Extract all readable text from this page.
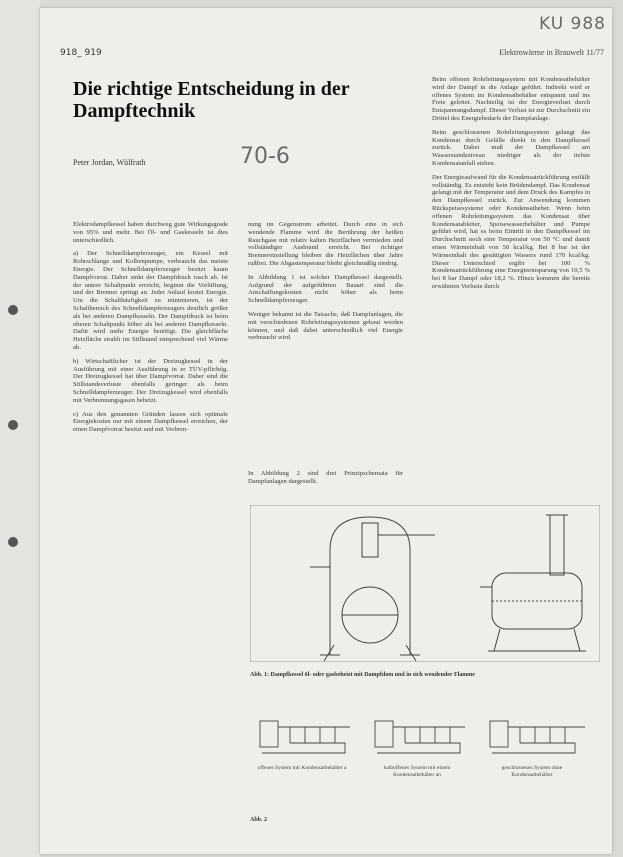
918_ 919	Elektrowärme in Brauwelt 11/77
KU 988
Die richtige Entscheidung in der Dampftechnik
Peter Jordan, Wülfrath	70-6

Elektrodampfkessel haben durchweg gute Wirkungsgrade von 95% und mehr. Bei Öl- und Gaskesseln ist dies unterschiedlich.

a) Der Schnelldampferzeuger, ein Kessel mit Rohrschlange und Kolbenpumpe, verbraucht das meiste Energie. Der Schnelldampferzeuger besitzt kaum Dampfvorrat. Daher sinkt der Dampfdruck rasch ab. Ist der untere Schaltpunkt erreicht, beginnt die Vorlüftung, und der Brenner springt an. Jeder Anlauf kostet Energie. Um die Schalthäufigkeit zu minimieren, ist der Schaltbereich des Schnelldampferzeugers deutlich größer als bei anderen Dampfkesseln. Der Dampfdruck ist beim oberen Schaltpunkt höher als bei anderen Dampfkesseln. Dafür wird mehr Energie benötigt. Die gleichfläche Heizfläche strahlt im Stillstand entsprechend viel Wärme ab.

b) Wirtschaftlicher ist der Dreizugkessel in der Ausführung mit einer Ausführung in er TÜV-pflichtig. Der Dreizugkessel hat über Dampfvorrat. Daher sind die Stillstandsverluste ebenfalls geringer als beim Schnelldampferzeuger. Der Dreizugkessel wird ebenfalls mit Verbrennungsgasen beheizt.

c) Aus den genannten Gründen lassen sich optimale Energiekosten nur mit einem Dampfkessel erreichen, der einen Dampfvorrat besitzt und mit Verbren-

nung im Gegenstrom arbeitet. Durch eine in sich wendende Flamme wird die Berührung der heißen Rauchgase mit relativ kalten Heizflächen vermieden und vollständiger Ausbrand erreicht. Bei richtiger Brennereinstellung bleiben die Heizflächen über Jahre rußfrei. Die Abgastemperatur bleibt gleichmäßig niedrig.

In Abbildung 1 ist solcher Dampfkessel dargestellt. Aufgrund der aufgeführten Bauart sind die Anschaffungskosten nicht höher als beim Schnelldampferzeuger.

Weniger bekannt ist die Tatsache, daß Dampfanlagen, die mit verschiedenen Rohrleitungssystemen gebaut werden können, und daß dabei unterschiedlich viel Energie verbraucht wird.

In Abbildung 2 sind drei Prinzipschemata für Dampfanlagen dargestellt.

Beim offenen Rohrleitungssystem mit Kondensatbehälter wird der Dampf in die Anlage geführt. Indirekt wird er offenes System im Kondensatbehälter entspannt und ins Freie geleitet. Nachteilig ist der Energieverlust durch Entspannungsdampf. Dieser Verlust ist zur Durchschnitt ein Drittel des Energiebedarfs der Dampfanlage.

Beim geschlossenen Rohrleitungssystem gelangt das Kondensat durch Gefälle direkt in den Dampfkessel zurück. Dabei muß der Dampfkessel am Wasserstandsniveau niedriger als der tiefste Kondensatanfall stehen.

Der Energieaufwand für die Kondensatrückführung entfällt vollständig. Es entsteht kein Brüdendampf. Das Kondensat gelangt mit der Temperatur und dem Druck des Kampfes in den Dampfkessel zurück. Zur Anwendung kommen Rückspeisesysteme oder Kondensatheber. Wenn beim offenen Rohrleitungssystem das Kondensat über Kondensatableiter, Speisewasserbehälter und Pumpe geführt wird, hat es beim Eintritt in den Dampfkessel im Durchschnitt noch eine Temperatur von 50 °C und damit einen Wärmeinhalt von 50 kcal/kg. Bei 8 bar ist der Wärmeinhalt des gesättigten Wassers rund 170 kcal/kg. Dieser Unterschied ergibt bei 100 % Kondensatrückführung eine Energieeinsparung von 10,5 % bei 8 bar Dampf oder 18,2 %. Hinzu kommen die bereits erwähnten Verluste durch

Abb. 1: Dampfkessel öl- oder gasbeheizt mit Dampfdom und in sich wendender Flamme
offenes System mit Kondensatbehälter a	halboffenes System mit einem Kondensatbehälter an
geschlossenes System ohne Kondensatbehälter
Abb. 2
